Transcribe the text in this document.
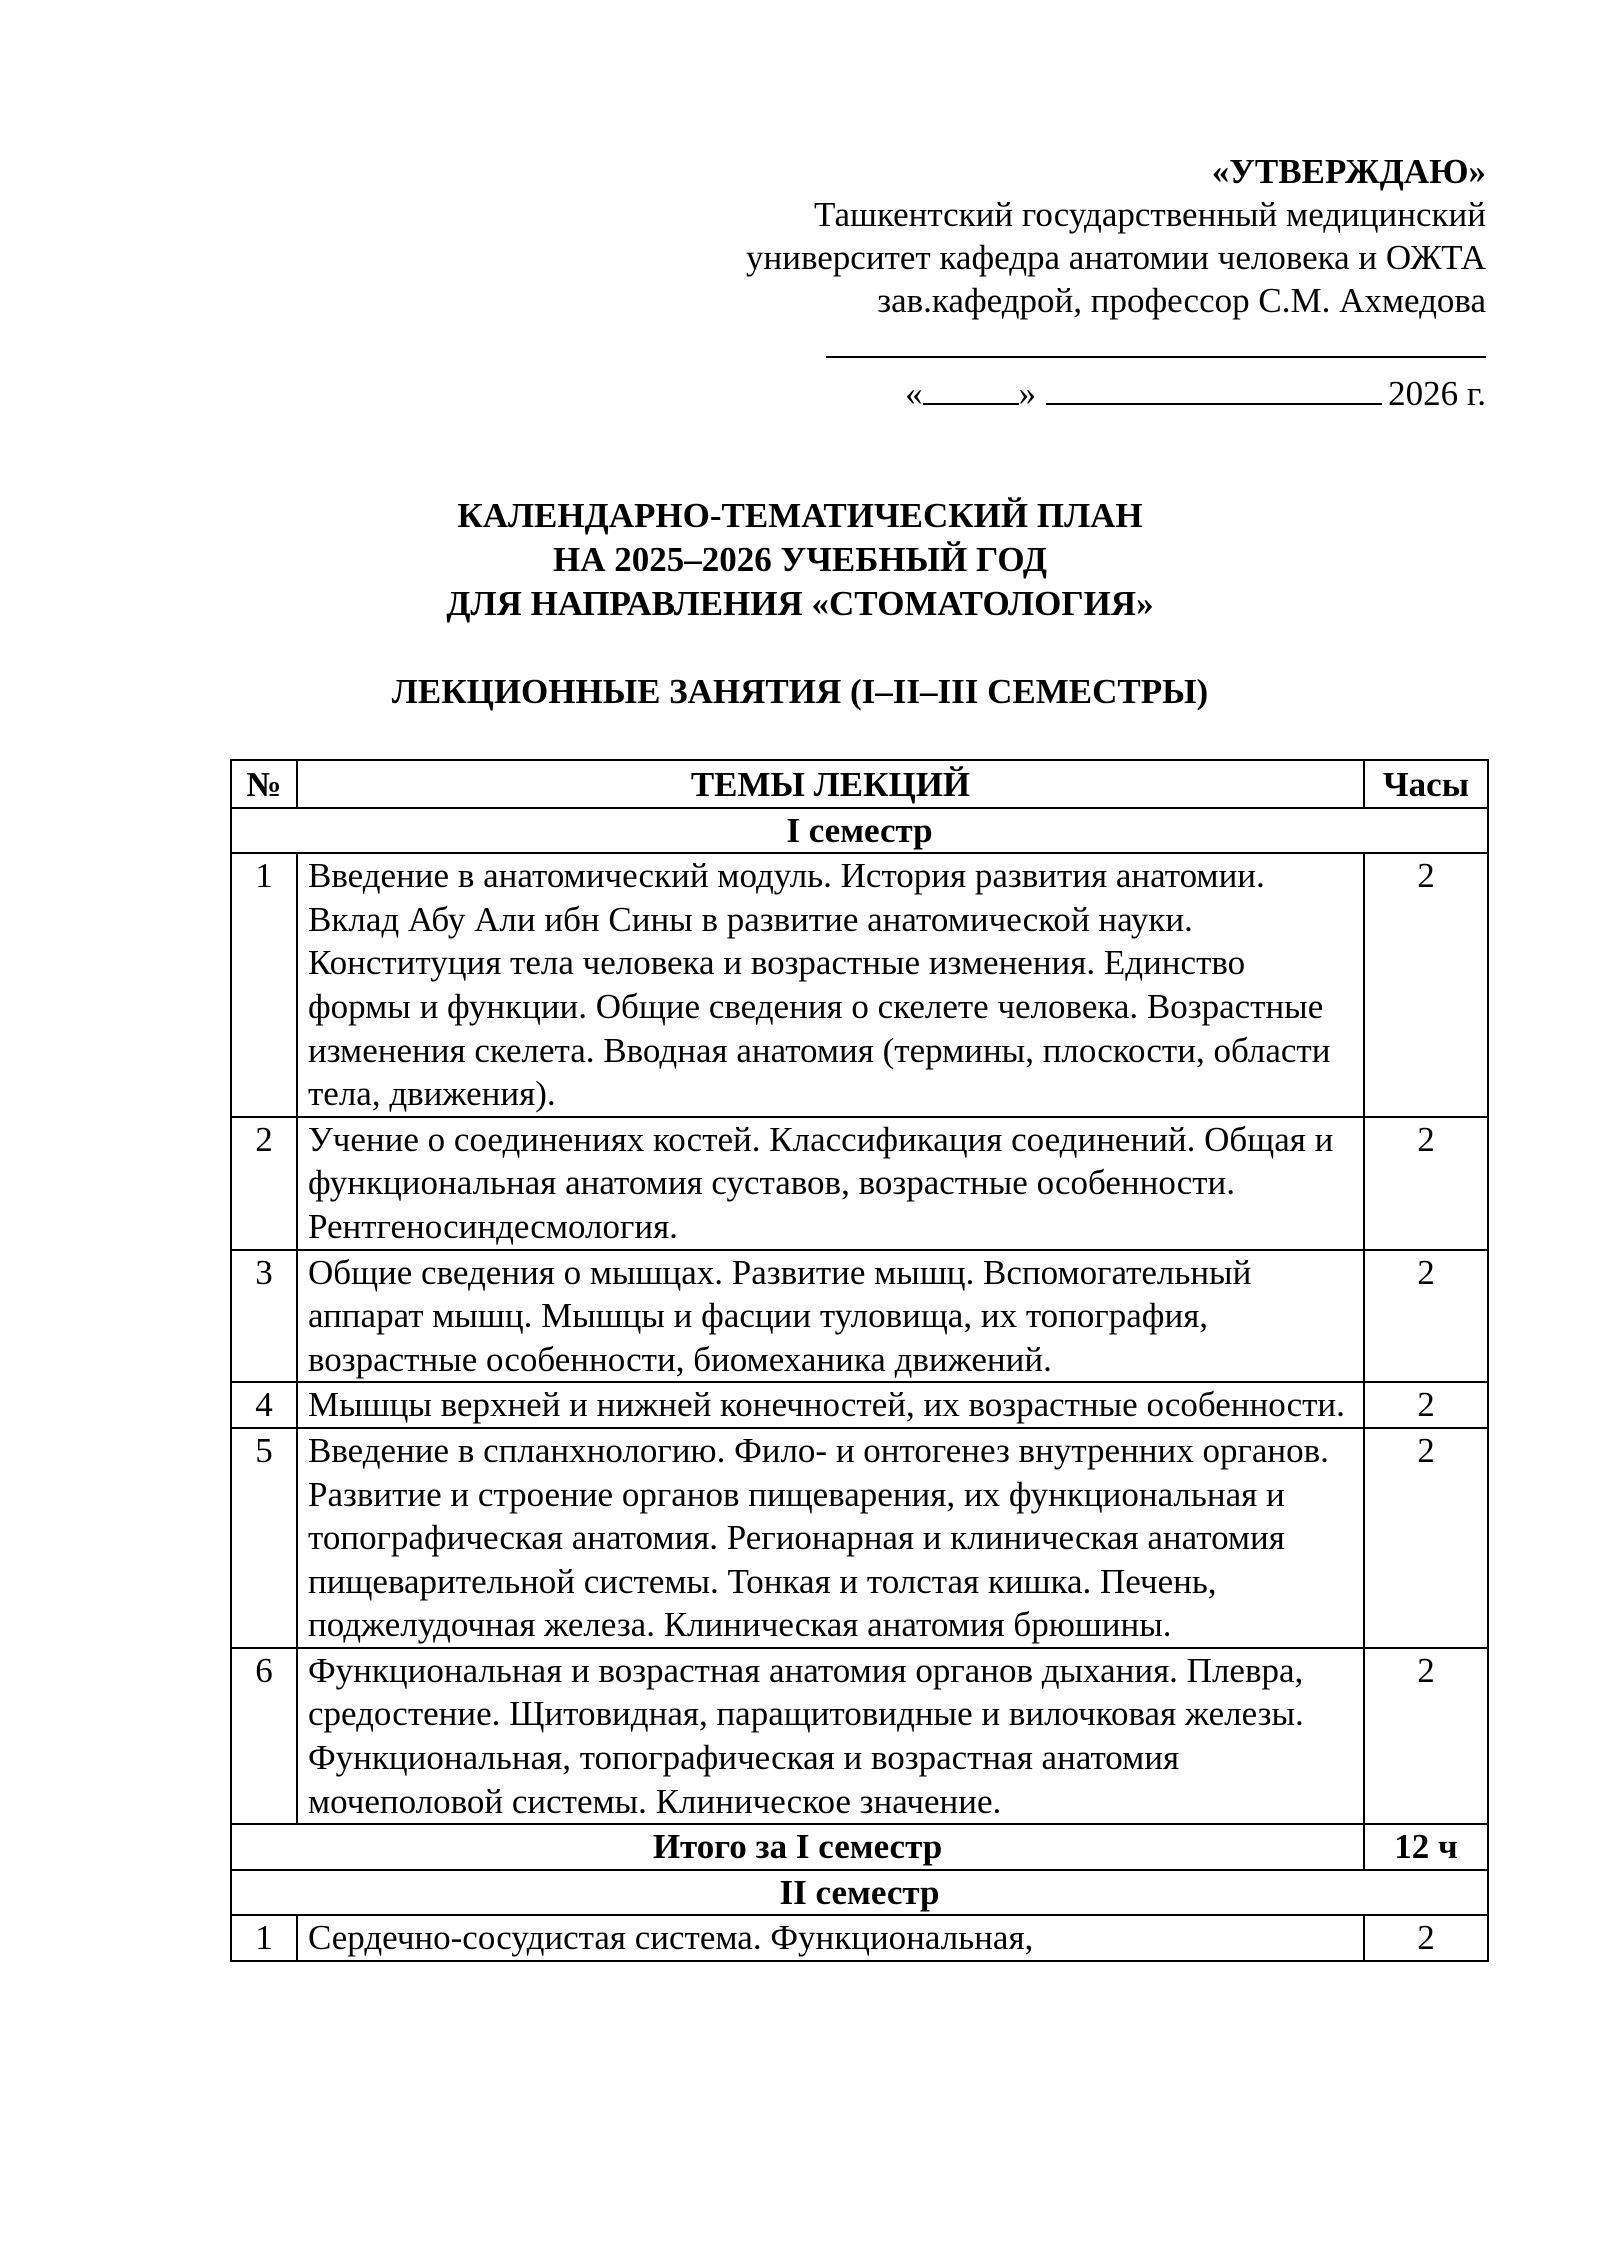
«УТВЕРЖДАЮ»
Ташкентский государственный медицинский
университет кафедра анатомии человека и ОЖТА
зав.кафедрой, профессор С.М. Ахмедова
«	»	2026 г.
КАЛЕНДАРНО-ТЕМАТИЧЕСКИЙ ПЛАН
НА 2025–2026 УЧЕБНЫЙ ГОД
ДЛЯ НАПРАВЛЕНИЯ «СТОМАТОЛОГИЯ»
ЛЕКЦИОННЫЕ ЗАНЯТИЯ (I–II–III СЕМЕСТРЫ)
№	ТЕМЫ ЛЕКЦИЙ	Часы
I семестр		
1	Введение в анатомический модуль. История развития анатомии. Вклад Абу Али ибн Сины в развитие анатомической науки. Конституция тела человека и возрастные изменения. Единство формы и функции. Общие сведения о скелете человека. Возрастные изменения скелета. Вводная анатомия (термины, плоскости, области тела, движения).	2
2	Учение о соединениях костей. Классификация соединений. Общая и функциональная анатомия суставов, возрастные особенности. Рентгеносиндесмология.	2
3	Общие сведения о мышцах. Развитие мышц. Вспомогательный аппарат мышц. Мышцы и фасции туловища, их топография, возрастные особенности, биомеханика движений.	2
4	Мышцы верхней и нижней конечностей, их возрастные особенности.	2
5	Введение в спланхнологию. Фило- и онтогенез внутренних органов. Развитие и строение органов пищеварения, их функциональная и топографическая анатомия. Регионарная и клиническая анатомия пищеварительной системы. Тонкая и толстая кишка. Печень, поджелудочная железа. Клиническая анатомия брюшины.	2
6	Функциональная и возрастная анатомия органов дыхания. Плевра, средостение. Щитовидная, паращитовидные и вилочковая железы. Функциональная, топографическая и возрастная анатомия мочеполовой системы. Клиническое значение.	2
Итого за I семестр		12 ч
II семестр		
1	Сердечно-сосудистая система. Функциональная,	2
